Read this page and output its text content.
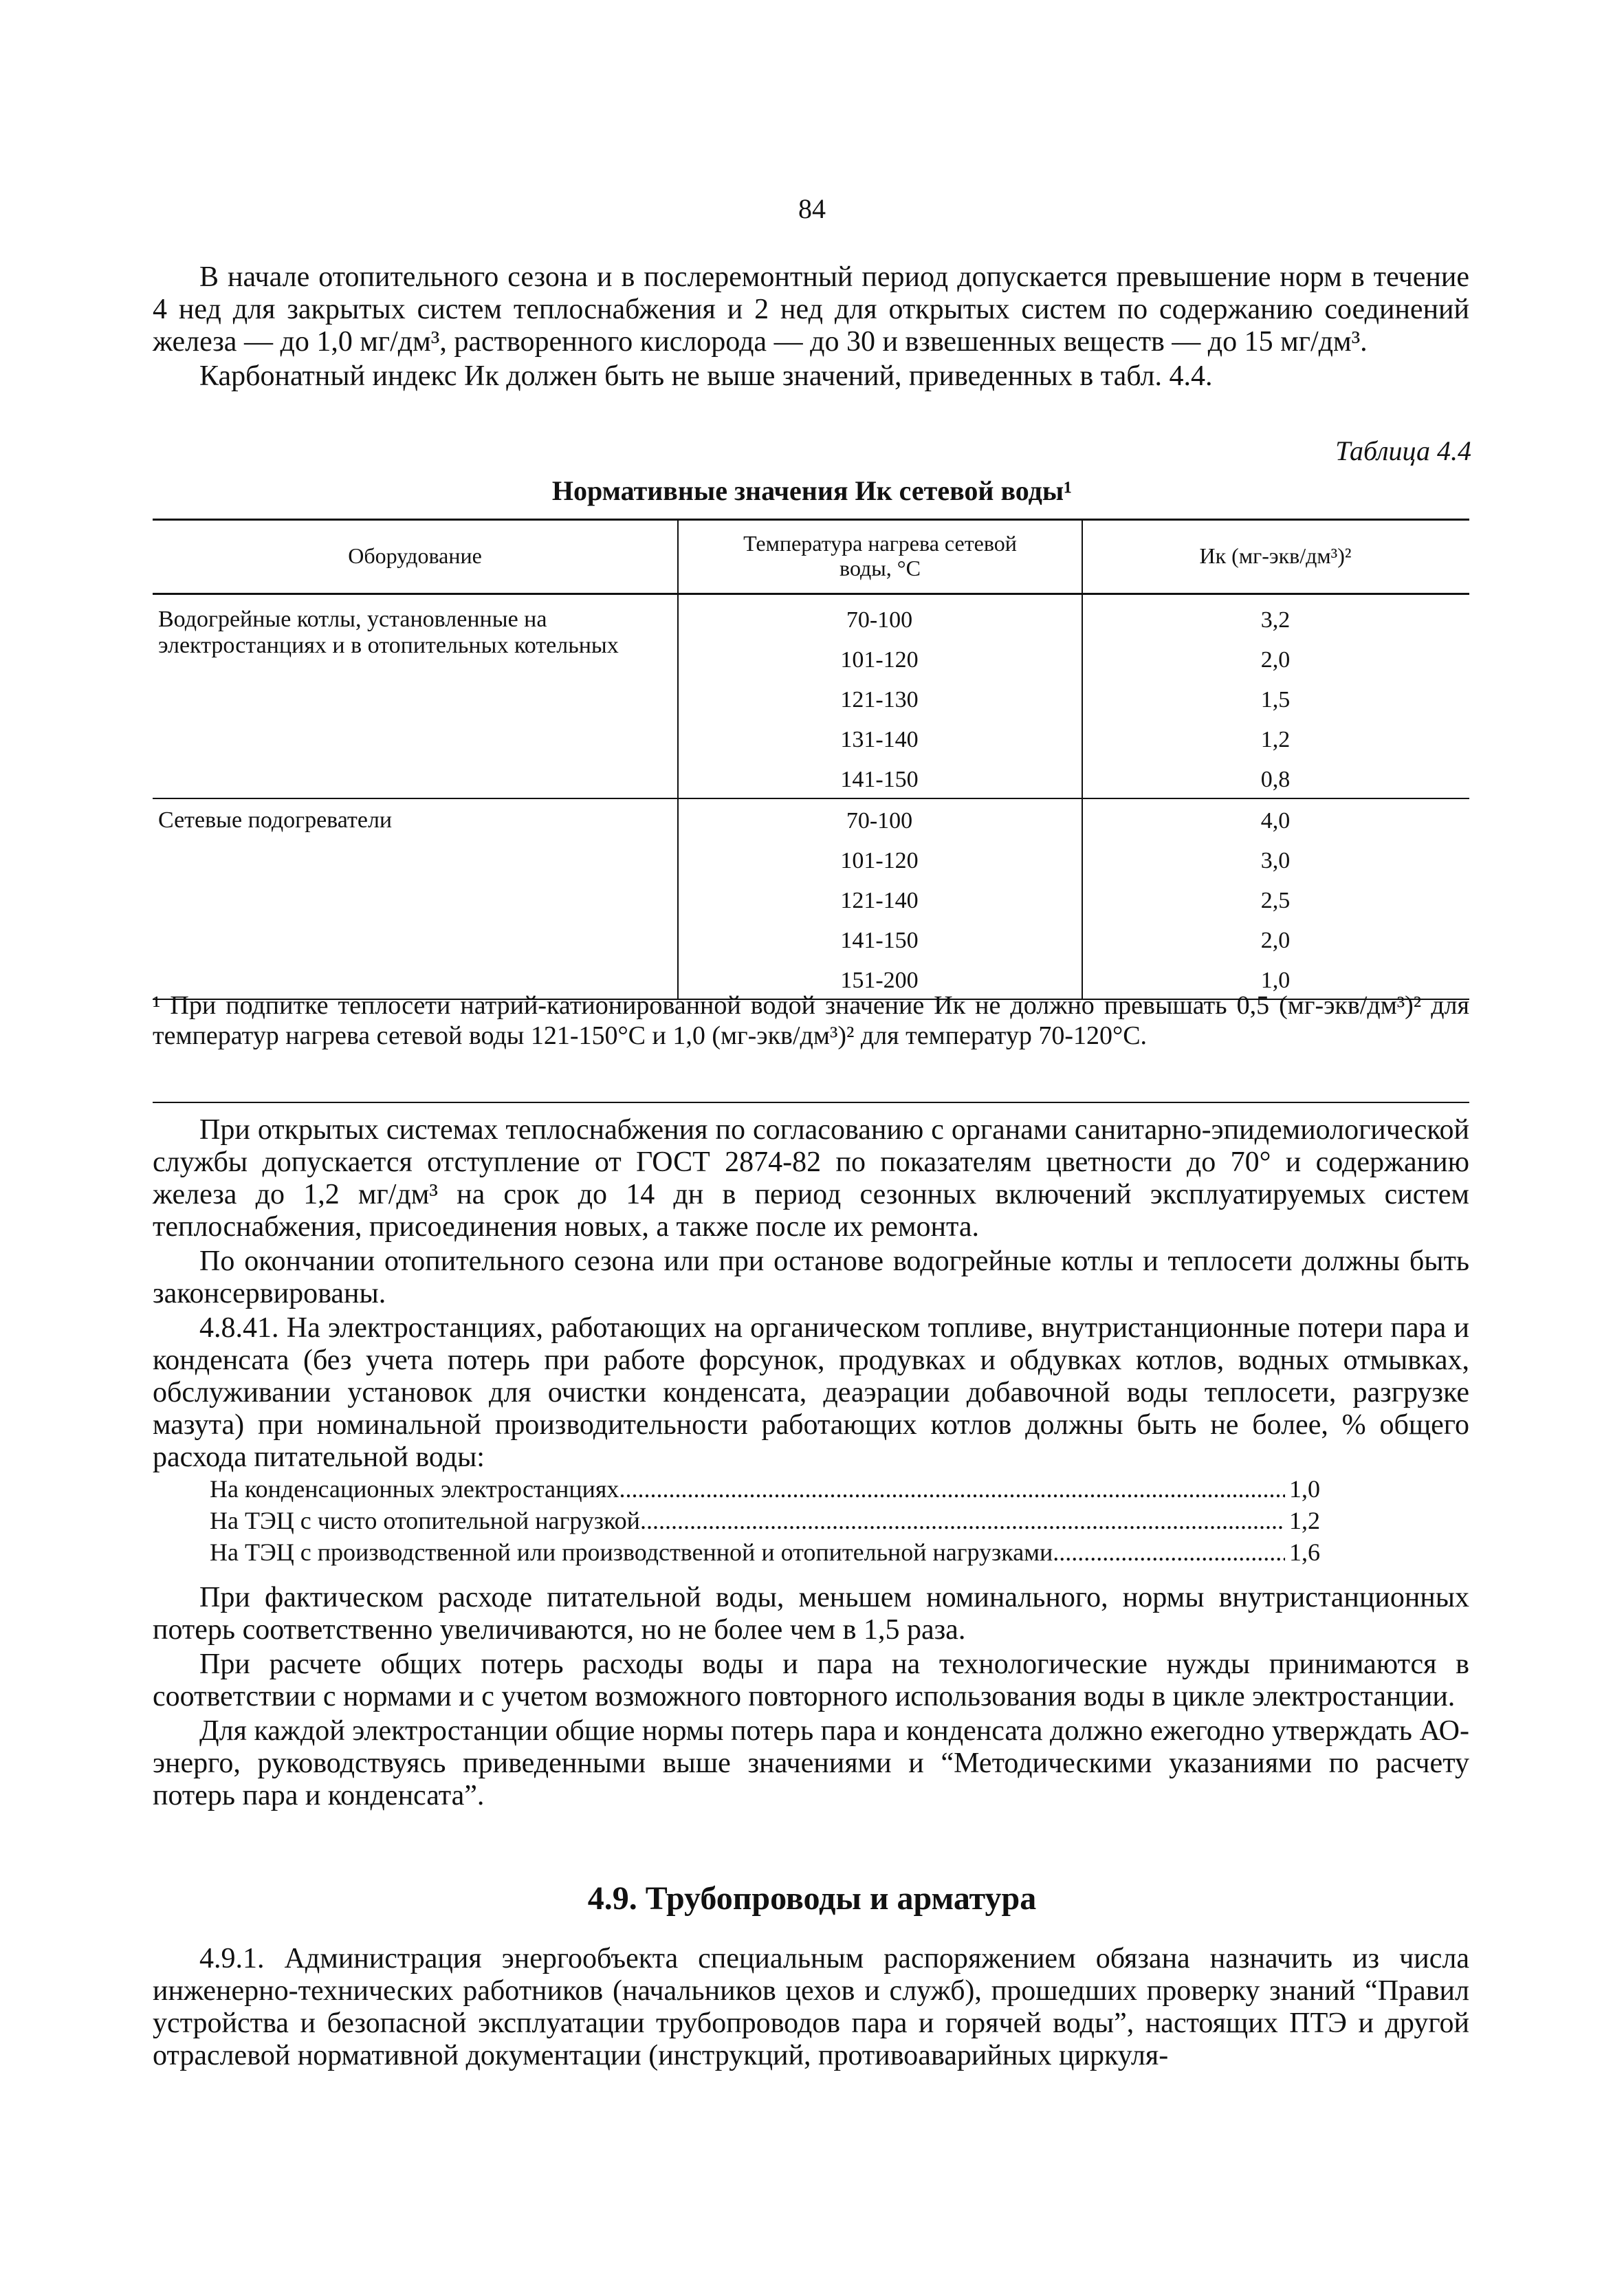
84

В начале отопительного сезона и в послеремонтный период допускается превышение норм в течение 4 нед для закрытых систем теплоснабжения и 2 нед для открытых систем по содержанию соединений железа — до 1,0 мг/дм³, растворенного кислорода — до 30 и взвешенных веществ — до 15 мг/дм³.

Карбонатный индекс Ик должен быть не выше значений, приведенных в табл. 4.4.

Таблица 4.4
Нормативные значения Ик сетевой воды¹
Оборудование	Температура нагрева сетевой воды, °С	Ик (мг-экв/дм³)²
Водогрейные котлы, установленные на электростанциях и в отопительных котельных
70-100	3,2
101-120	2,0
121-130	1,5
131-140	1,2
141-150	0,8
Сетевые подогреватели	70-100	4,0
101-120	3,0
121-140	2,5
141-150	2,0
151-200	1,0
¹ При подпитке теплосети натрий-катионированной водой значение Ик не должно превышать 0,5 (мг-экв/дм³)² для температур нагрева сетевой воды 121-150°С и 1,0 (мг-экв/дм³)² для температур 70-120°С.

При открытых системах теплоснабжения по согласованию с органами санитарно-эпидемиологической службы допускается отступление от ГОСТ 2874-82 по показателям цветности до 70° и содержанию железа до 1,2 мг/дм³ на срок до 14 дн в период сезонных включений эксплуатируемых систем теплоснабжения, присоединения новых, а также после их ремонта.

По окончании отопительного сезона или при останове водогрейные котлы и теплосети должны быть законсервированы.

4.8.41. На электростанциях, работающих на органическом топливе, внутристанционные потери пара и конденсата (без учета потерь при работе форсунок, продувках и обдувках котлов, водных отмывках, обслуживании установок для очистки конденсата, деаэрации добавочной воды теплосети, разгрузке мазута) при номинальной производительности работающих котлов должны быть не более, % общего расхода питательной воды:

На конденсационных электростанциях .....	1,0
На ТЭЦ с чисто отопительной нагрузкой .....	1,2
На ТЭЦ с производственной или производственной и отопительной нагрузками .....	1,6

При фактическом расходе питательной воды, меньшем номинального, нормы внутристанционных потерь соответственно увеличиваются, но не более чем в 1,5 раза.

При расчете общих потерь расходы воды и пара на технологические нужды принимаются в соответствии с нормами и с учетом возможного повторного использования воды в цикле электростанции.

Для каждой электростанции общие нормы потерь пара и конденсата должно ежегодно утверждать АО-энерго, руководствуясь приведенными выше значениями и “Методическими указаниями по расчету потерь пара и конденсата”.

4.9. Трубопроводы и арматура

4.9.1. Администрация энергообъекта специальным распоряжением обязана назначить из числа инженерно-технических работников (начальников цехов и служб), прошедших проверку знаний “Правил устройства и безопасной эксплуатации трубопроводов пара и горячей воды”, настоящих ПТЭ и другой отраслевой нормативной документации (инструкций, противоаварийных циркуля-
